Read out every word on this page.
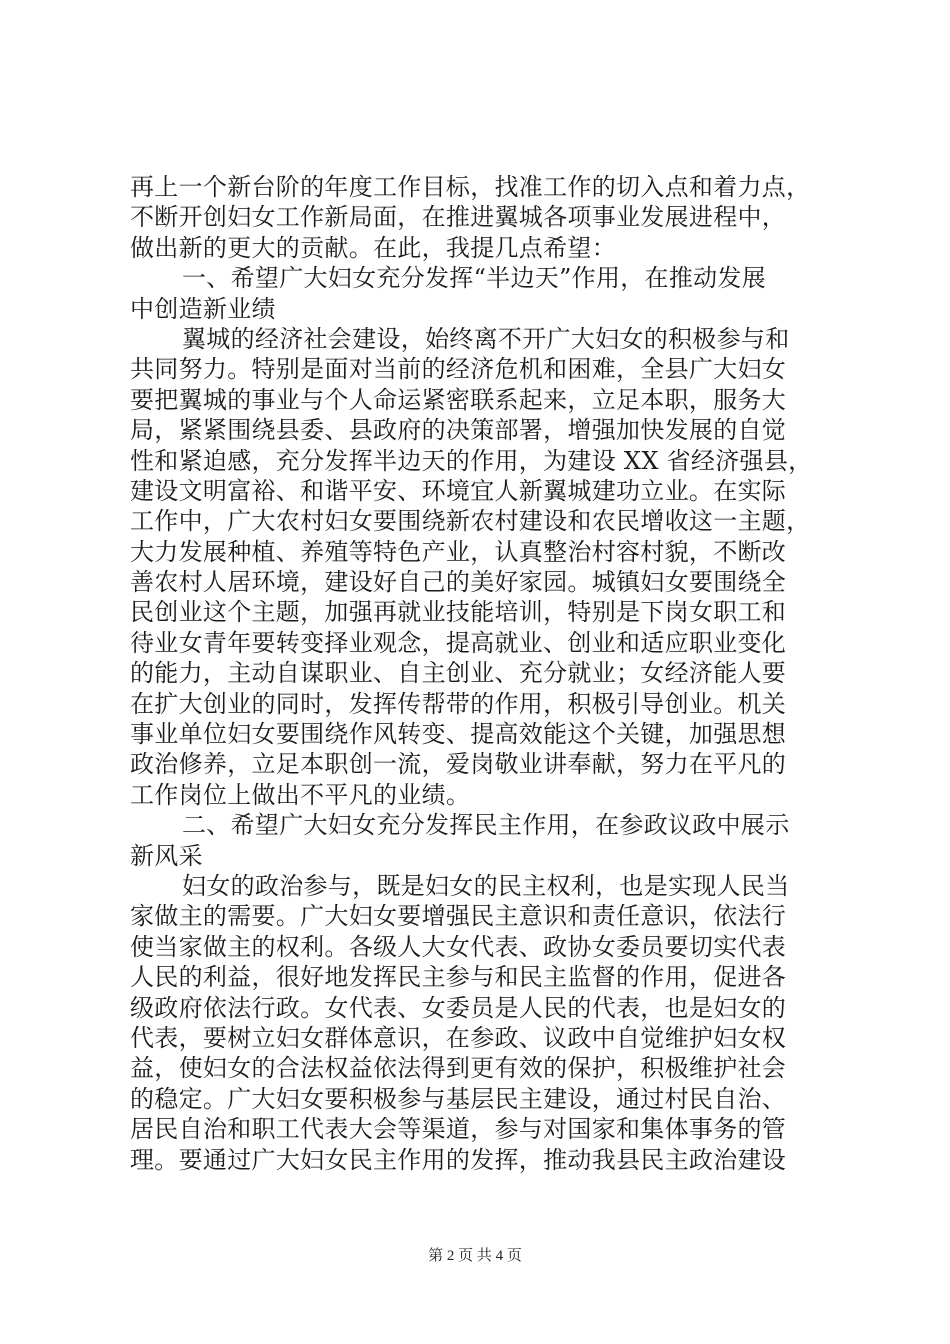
再上一个新台阶的年度工作目标，找准工作的切入点和着力点，
不断开创妇女工作新局面，在推进翼城各项事业发展进程中，
做出新的更大的贡献。在此，我提几点希望：
一、希望广大妇女充分发挥“半边天”作用，在推动发展
中创造新业绩
翼城的经济社会建设，始终离不开广大妇女的积极参与和
共同努力。特别是面对当前的经济危机和困难，全县广大妇女
要把翼城的事业与个人命运紧密联系起来，立足本职，服务大
局，紧紧围绕县委、县政府的决策部署，增强加快发展的自觉
性和紧迫感，充分发挥半边天的作用，为建设 XX 省经济强县，
建设文明富裕、和谐平安、环境宜人新翼城建功立业。在实际
工作中，广大农村妇女要围绕新农村建设和农民增收这一主题，
大力发展种植、养殖等特色产业，认真整治村容村貌，不断改
善农村人居环境，建设好自己的美好家园。城镇妇女要围绕全
民创业这个主题，加强再就业技能培训，特别是下岗女职工和
待业女青年要转变择业观念，提高就业、创业和适应职业变化
的能力，主动自谋职业、自主创业、充分就业；女经济能人要
在扩大创业的同时，发挥传帮带的作用，积极引导创业。机关
事业单位妇女要围绕作风转变、提高效能这个关键，加强思想
政治修养，立足本职创一流，爱岗敬业讲奉献，努力在平凡的
工作岗位上做出不平凡的业绩。
二、希望广大妇女充分发挥民主作用，在参政议政中展示
新风采
妇女的政治参与，既是妇女的民主权利，也是实现人民当
家做主的需要。广大妇女要增强民主意识和责任意识，依法行
使当家做主的权利。各级人大女代表、政协女委员要切实代表
人民的利益，很好地发挥民主参与和民主监督的作用，促进各
级政府依法行政。女代表、女委员是人民的代表，也是妇女的
代表，要树立妇女群体意识，在参政、议政中自觉维护妇女权
益，使妇女的合法权益依法得到更有效的保护，积极维护社会
的稳定。广大妇女要积极参与基层民主建设，通过村民自治、
居民自治和职工代表大会等渠道，参与对国家和集体事务的管
理。要通过广大妇女民主作用的发挥，推动我县民主政治建设
第 2 页 共 4 页
